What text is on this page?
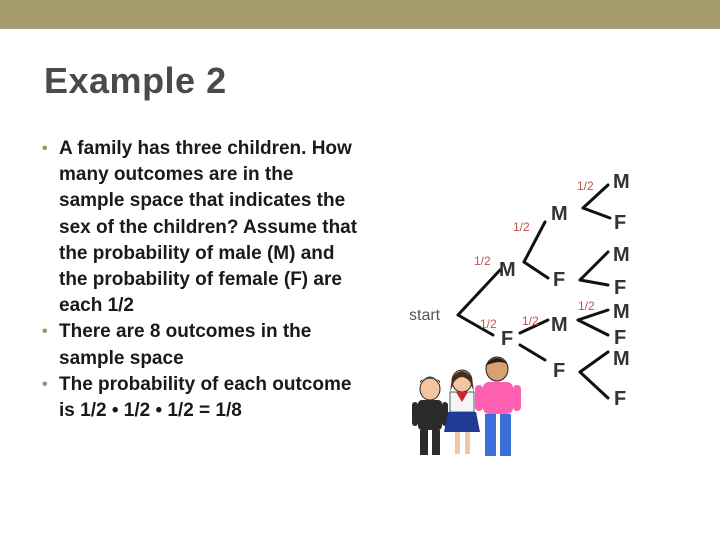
Example 2
• A family has three children. How many outcomes are in the sample space that indicates the sex of the children? Assume that the probability of male (M) and the probability of female (F) are each 1/2
• There are 8 outcomes in the sample space
• The probability of each outcome is 1/2 • 1/2 • 1/2 = 1/8
start
1/2
1/2
1/2
1/2 1/2
1/2
M
F
M
F
M
F
M
F
M
F
M
F
M
F
